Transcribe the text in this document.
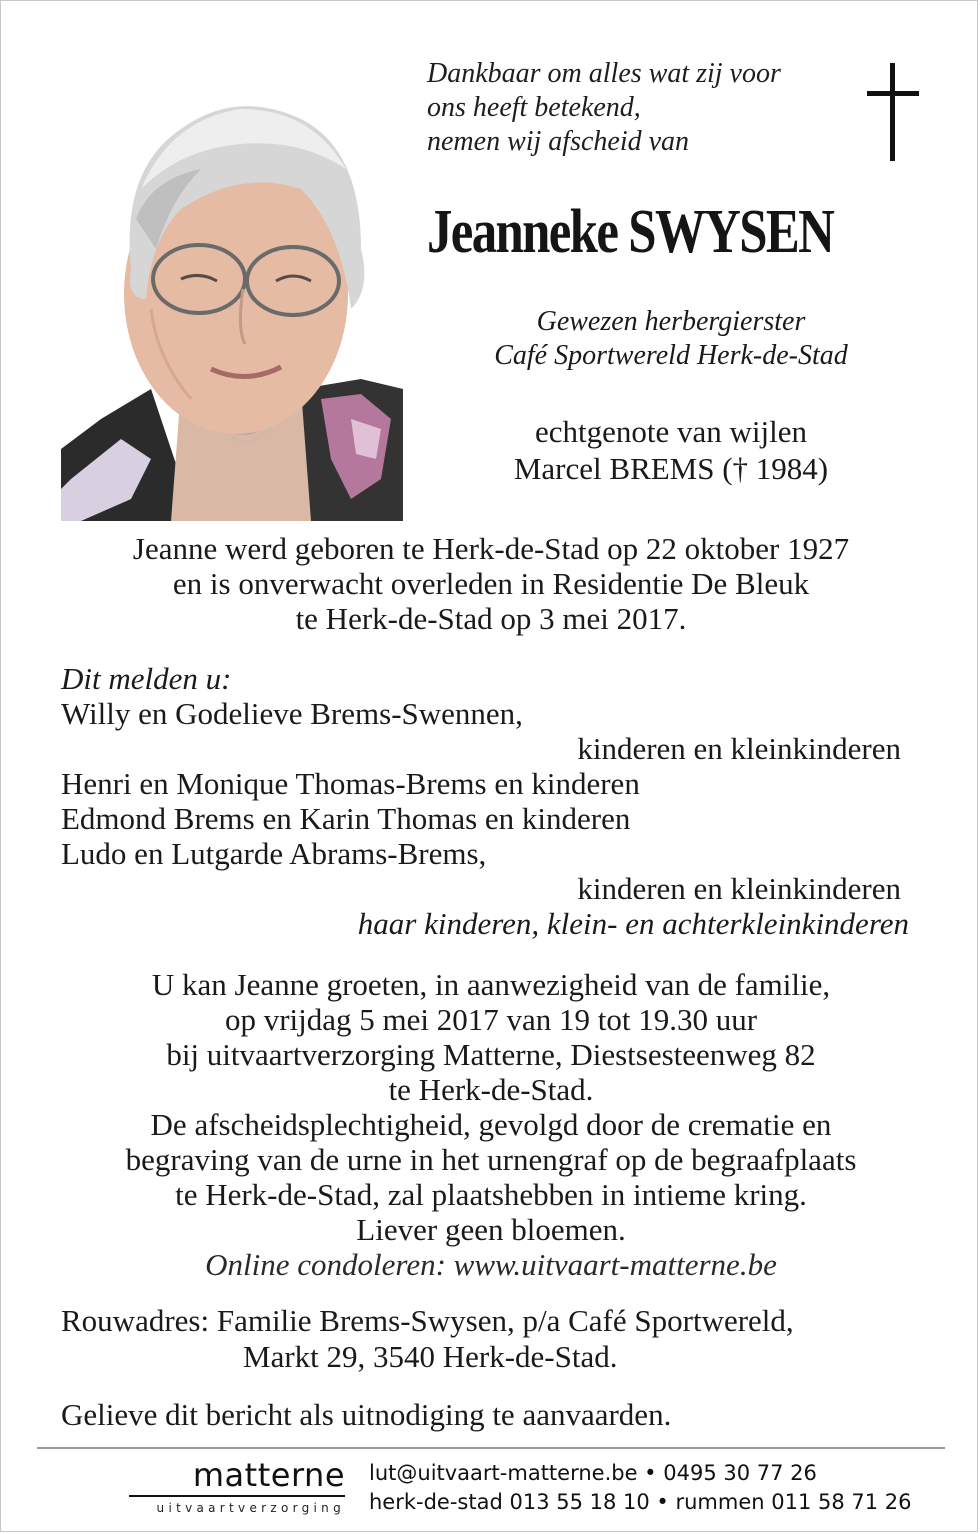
Dankbaar om alles wat zij voor
ons heeft betekend,
nemen wij afscheid van
Jeanneke SWYSEN
Gewezen herbergierster
Café Sportwereld Herk-de-Stad
echtgenote van wijlen
Marcel BREMS († 1984)
Jeanne werd geboren te Herk-de-Stad op 22 oktober 1927
en is onverwacht overleden in Residentie De Bleuk
te Herk-de-Stad op 3 mei 2017.
Dit melden u:
Willy en Godelieve Brems-Swennen,
kinderen en kleinkinderen
Henri en Monique Thomas-Brems en kinderen
Edmond Brems en Karin Thomas en kinderen
Ludo en Lutgarde Abrams-Brems,
kinderen en kleinkinderen
haar kinderen, klein- en achterkleinkinderen
U kan Jeanne groeten, in aanwezigheid van de familie,
op vrijdag 5 mei 2017 van 19 tot 19.30 uur
bij uitvaartverzorging Matterne, Diestsesteenweg 82
te Herk-de-Stad.
De afscheidsplechtigheid, gevolgd door de crematie en
begraving van de urne in het urnengraf op de begraafplaats
te Herk-de-Stad, zal plaatshebben in intieme kring.
Liever geen bloemen.
Online condoleren: www.uitvaart-matterne.be
Rouwadres: Familie Brems-Swysen, p/a Café Sportwereld,
Markt 29, 3540 Herk-de-Stad.
Gelieve dit bericht als uitnodiging te aanvaarden.
matterne
uitvaartverzorging
lut@uitvaart-matterne.be • 0495 30 77 26
herk-de-stad 013 55 18 10 • rummen 011 58 71 26
